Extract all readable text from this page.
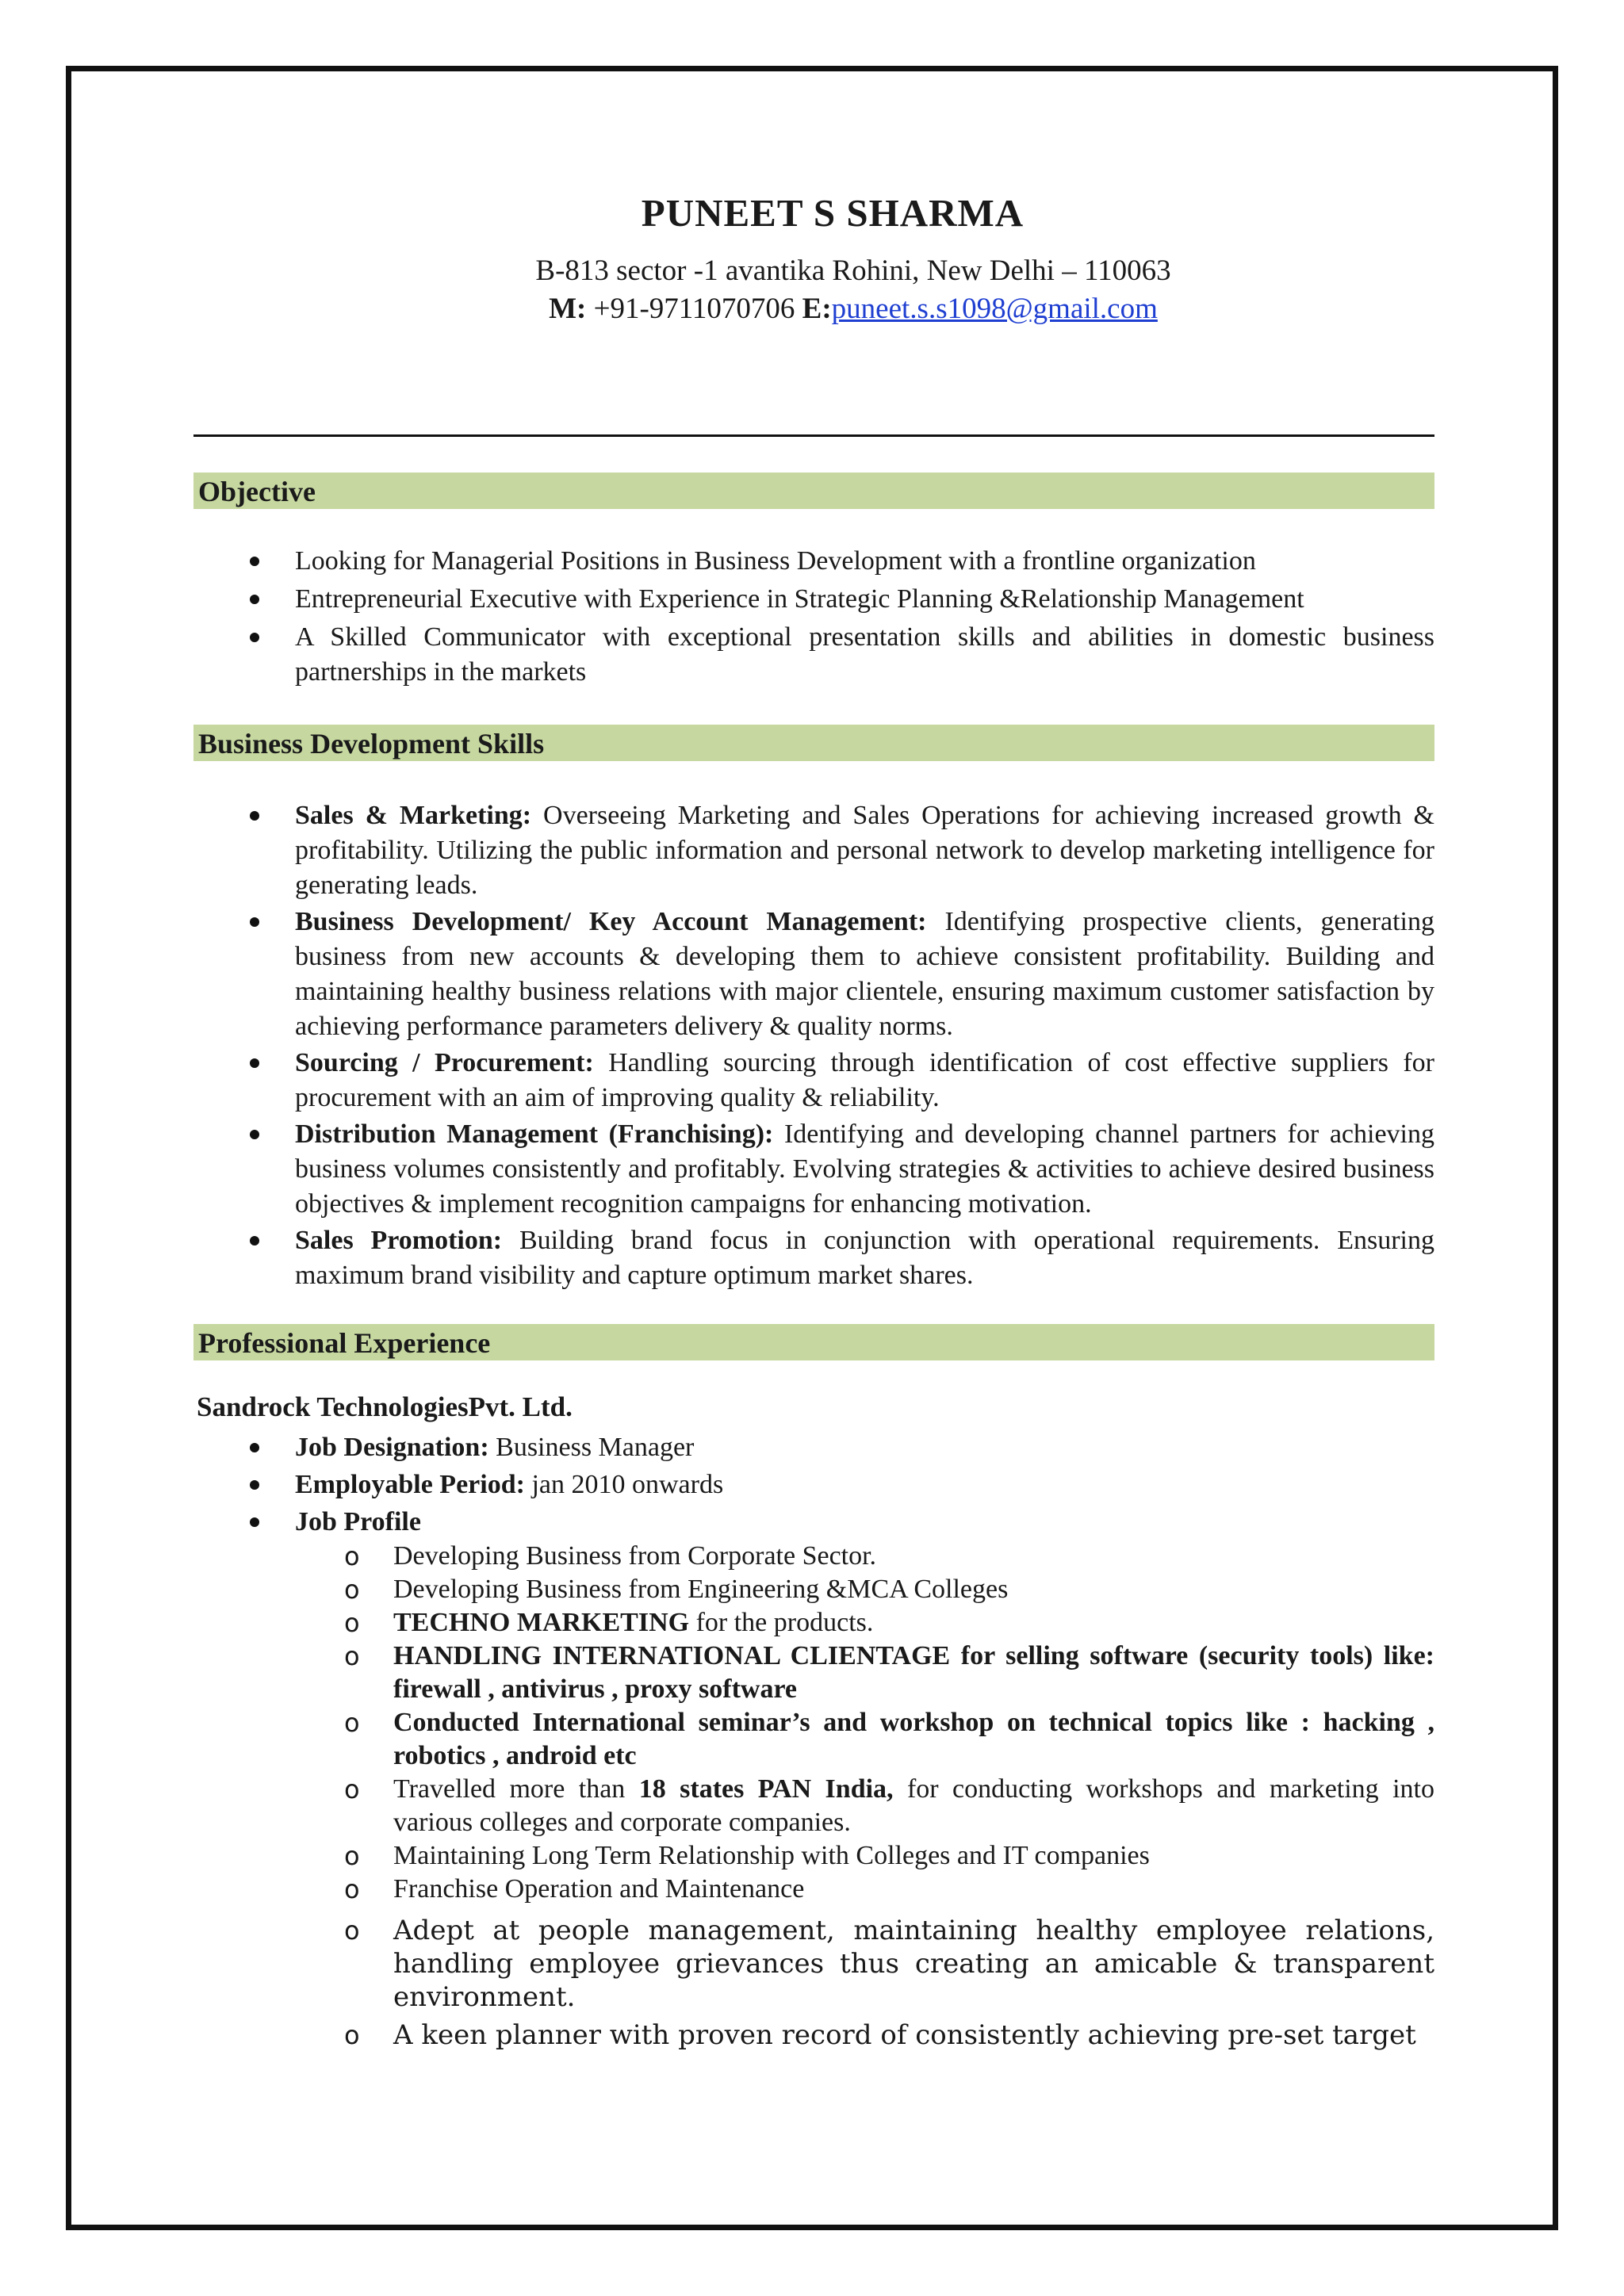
PUNEET S SHARMA
B-813 sector -1 avantika Rohini, New Delhi – 110063
M: +91-9711070706 E:puneet.s.s1098@gmail.com
Objective
Looking for Managerial Positions in Business Development with a frontline organization
Entrepreneurial Executive with Experience in Strategic Planning &Relationship Management
A Skilled Communicator with exceptional presentation skills and abilities in domestic business partnerships in the markets
Business Development Skills
Sales & Marketing: Overseeing Marketing and Sales Operations for achieving increased growth & profitability. Utilizing the public information and personal network to develop marketing intelligence for generating leads.
Business Development/ Key Account Management: Identifying prospective clients, generating business from new accounts & developing them to achieve consistent profitability. Building and maintaining healthy business relations with major clientele, ensuring maximum customer satisfaction by achieving performance parameters delivery & quality norms.
Sourcing / Procurement: Handling sourcing through identification of cost effective suppliers for procurement with an aim of improving quality & reliability.
Distribution Management (Franchising): Identifying and developing channel partners for achieving business volumes consistently and profitably. Evolving strategies & activities to achieve desired business objectives & implement recognition campaigns for enhancing motivation.
Sales Promotion: Building brand focus in conjunction with operational requirements. Ensuring maximum brand visibility and capture optimum market shares.
Professional Experience
Sandrock TechnologiesPvt. Ltd.
Job Designation: Business Manager
Employable Period: jan 2010 onwards
Job Profile
o Developing Business from Corporate Sector.
o Developing Business from Engineering &MCA Colleges
o TECHNO MARKETING for the products.
o HANDLING INTERNATIONAL CLIENTAGE for selling software (security tools) like: firewall , antivirus , proxy software
o Conducted International seminar’s and workshop on technical topics like : hacking , robotics , android etc
o Travelled more than 18 states PAN India, for conducting workshops and marketing into various colleges and corporate companies.
o Maintaining Long Term Relationship with Colleges and IT companies
o Franchise Operation and Maintenance
o Adept at people management, maintaining healthy employee relations, handling employee grievances thus creating an amicable & transparent environment.
o A keen planner with proven record of consistently achieving pre-set target
